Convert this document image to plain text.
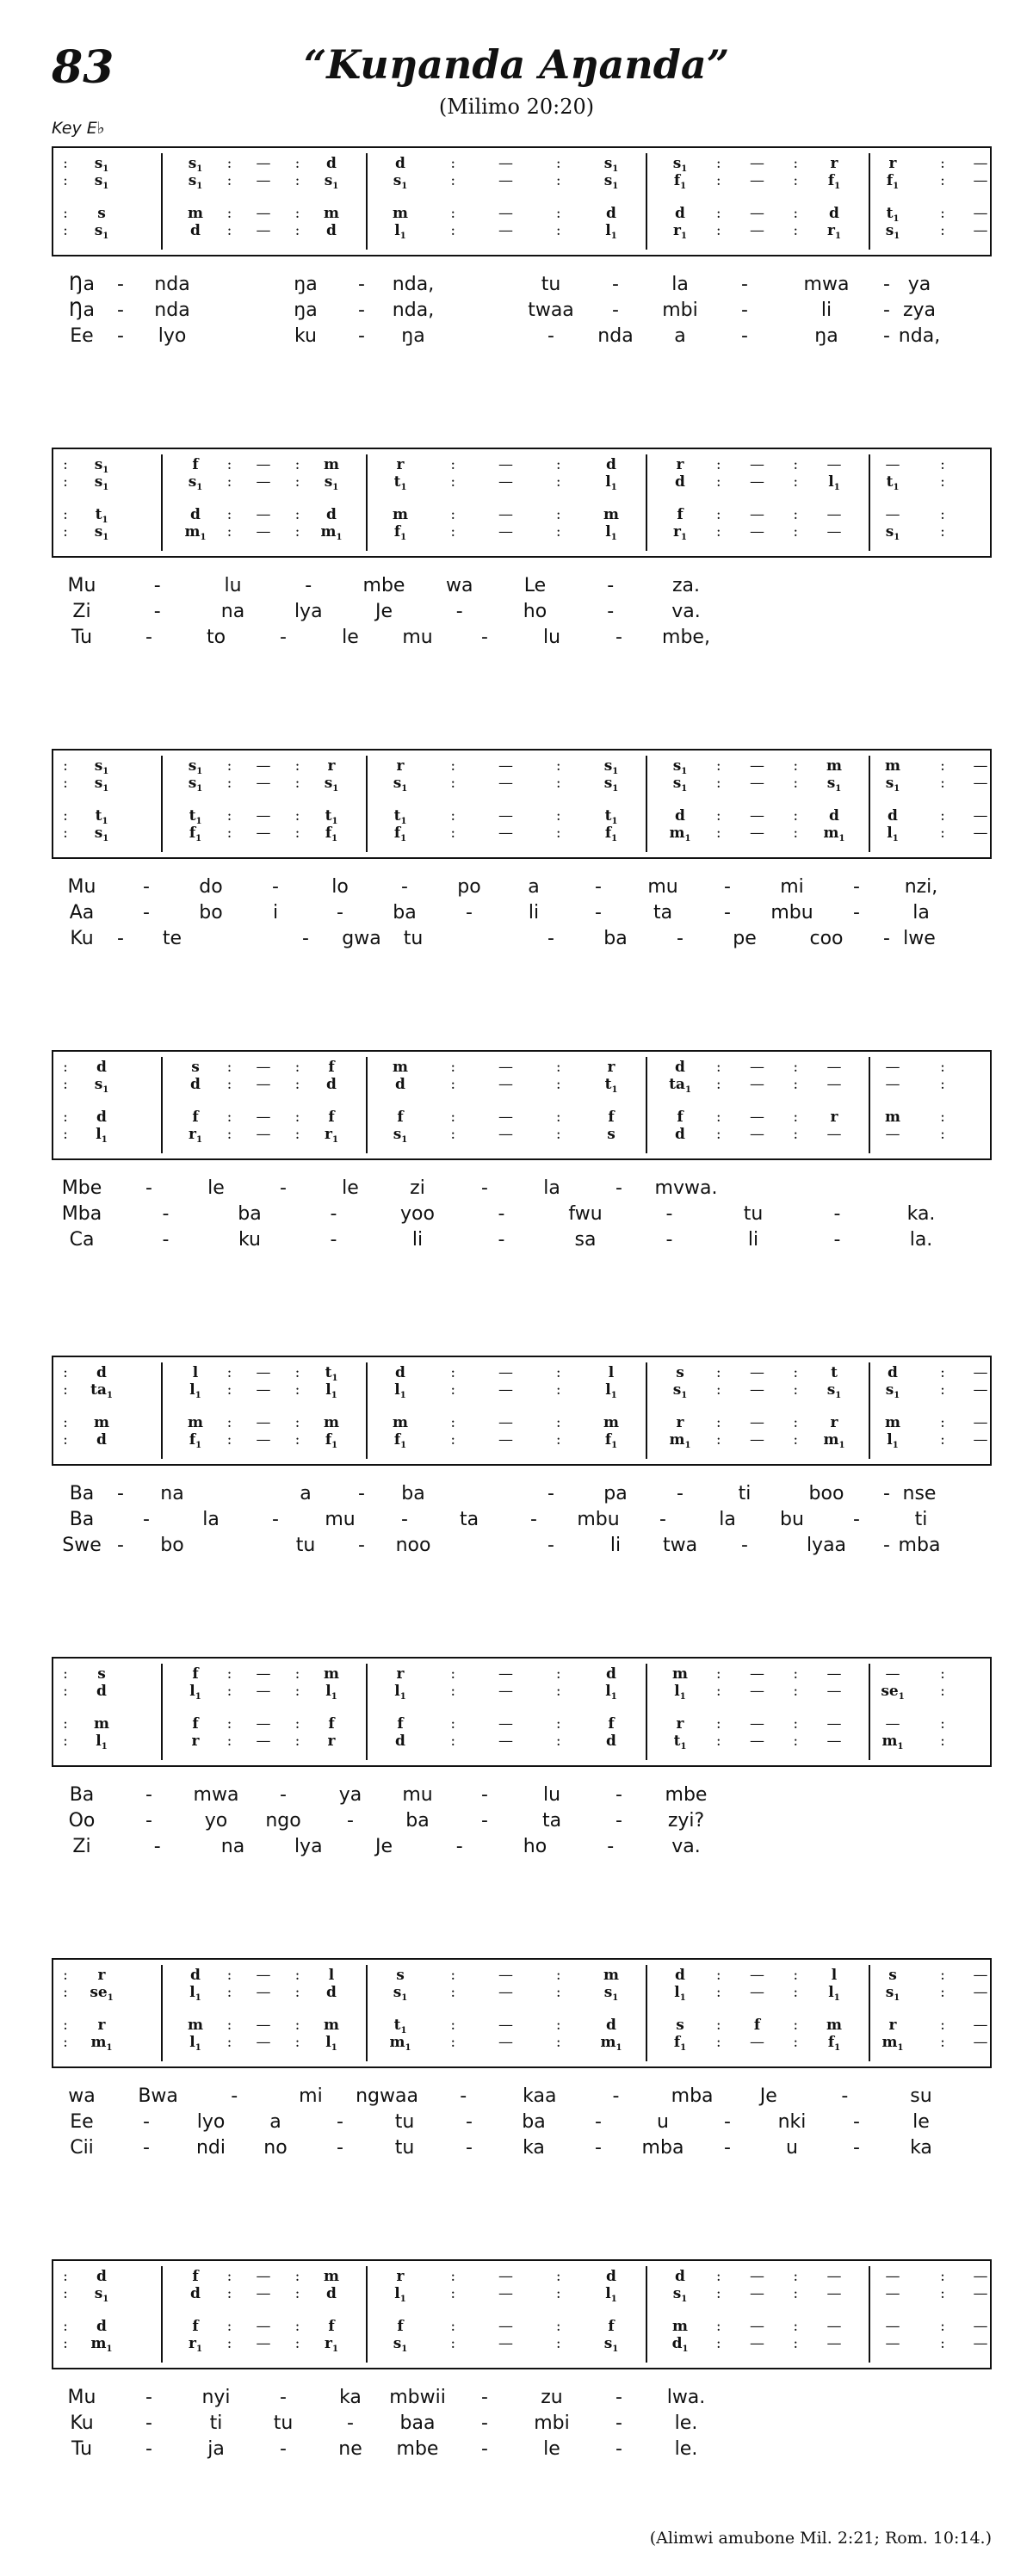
83	“Kuŋanda Aŋanda”
(Milimo 20:20)
Key E♭
: $s_1$	$s_1$ : — : d	d	:	—	:	$s_1$	$s_1$ : — : r	r	: —
: $s_1$	$s_1$ : — : $s_1$	$s_1$	:	—	:	$s_1$	$f_1$ : — : $f_1$	$f_1$	: —
: s	m : — : m	m	:	—	:	d	d : — : d	$t_1$	: —
: $s_1$	d : — : d	$l_1$	:	—	:	$l_1$	$r_1$ : — : $r_1$	$s_1$	: —
Ŋa - nda	ŋa - nda,	tu	-	la	-	mwa - ya
Ŋa - nda	ŋa - nda,	twaa - mbi -	li	- zya
Ee - lyo	ku - ŋa	- nda a	-	ŋa - nda,
: $s_1$	f : — : m	r	:	—	:	d	r : — : —	—	:
: $s_1$	$s_1$ : — : $s_1$	$t_1$	:	—	:	$l_1$	d : — : $l_1$	$t_1$	:
: $t_1$	d : — : d	m	:	—	:	m	f : — : —	—	:
: $s_1$	$m_1$ : — : $m_1$	$f_1$	:	—	:	$l_1$	$r_1$ : — : —	$s_1$	:
Mu	-	lu	-	mbe wa	Le	-	za.
Zi	-	na	lya	Je	-	ho	-	va.
Tu	-	to	-	le mu	-	lu	- mbe,
: $s_1$	$s_1$ : — : r	r	:	—	:	$s_1$	$s_1$ : — : m	m	: —
: $s_1$	$s_1$ : — : $s_1$	$s_1$	:	—	:	$s_1$	$s_1$ : — : $s_1$	$s_1$	: —
: $t_1$	$t_1$ : — : $t_1$	$t_1$	:	—	:	$t_1$	d : — : d	d	: —
: $s_1$	$f_1$ : — : $f_1$	$f_1$	:	—	:	$f_1$	$m_1$ : — : $m_1$	$l_1$	: —
Mu -	do	-	lo	-	po a	- mu -	mi	- nzi,
Aa	-	bo	i	-	ba	-	li	-	ta	- mbu -	la
Ku - te	- gwa tu	-	ba	-	pe	coo - lwe
: d	s : — : f	m	:	—	:	r	d : — : —	—	:
: $s_1$	d : — : d	d	:	—	:	$t_1$	$ta_1$ : — : —	—	:
: d	f : — : f	f	:	—	:	f	f : — : r	m	:
: $l_1$	$r_1$ : — : $r_1$	$s_1$	:	—	:	s	d : — : —	—	:
Mbe -	le	-	le	zi	-	la	- mvwa.
Mba	-	ba	-	yoo	-	fwu	-	tu	-	ka.
Ca	-	ku	-	li	-	sa	-	li	-	la.
: d	l : — : $t_1$	d	:	—	:	l	s : — : t	d	: —
: $ta_1$	$l_1$ : — : $l_1$	$l_1$	:	—	:	$l_1$	$s_1$ : — : $s_1$	$s_1$	: —
: m	m : — : m	m	:	—	:	m	r : — : r	m	: —
: d	$f_1$ : — : $f_1$	$f_1$	:	—	:	$f_1$	$m_1$ : — : $m_1$	$l_1$	: —
Ba - na	a - ba	-	pa	-	ti	boo - nse
Ba	-	la	- mu -	ta	- mbu -	la bu	-	ti
Swe - bo	tu - noo	-	li twa -	lyaa - mba
: s	f : — : m	r	:	—	:	d	m : — : —	—	:
: d	$l_1$ : — : $l_1$	$l_1$	:	—	:	$l_1$	$l_1$ : — : —	$se_1$ :
: m	f : — : f	f	:	—	:	f	r : — : —	—	:
: $l_1$	r : — : r	d	:	—	:	d	$t_1$ : — : —	$m_1$	:
Ba	- mwa -	ya mu	-	lu	- mbe
Oo	-	yo ngo -	ba	-	ta	- zyi?
Zi	-	na	lya	Je	-	ho	-	va.
: r	d : — : l	s	:	—	:	m	d : — : l	s	: —
: $se_1$	$l_1$ : — : d	$s_1$	:	—	:	$s_1$	$l_1$ : — : $l_1$	$s_1$	: —
: r	m : — : m	$t_1$	:	—	:	d	s : f : m	r	: —
: $m_1$	$l_1$ : — : $l_1$	$m_1$	:	—	:	$m_1$	$f_1$ : — : $f_1$	$m_1$	: —
wa Bwa	-	mi ngwaa -	kaa	-	mba Je	-	su
Ee	- lyo a	-	tu	-	ba	-	u	- nki -	le
Cii	- ndi no	-	tu	-	ka	- mba -	u	-	ka
: d	f : — : m	r	:	—	:	d	d : — : —	—	: —
: $s_1$	d : — : d	$l_1$	:	—	:	$l_1$	$s_1$ : — : —	—	: —
: d	f : — : f	f	:	—	:	f	m : — : —	—	: —
: $m_1$	$r_1$ : — : $r_1$	$s_1$	:	—	:	$s_1$	$d_1$ : — : —	—	: —
Mu	-	nyi	-	ka mbwii -	zu	- lwa.
Ku	-	ti	tu	- baa - mbi -	le.
Tu	-	ja	-	ne mbe -	le	-	le.
(Alimwi amubone Mil. 2:21; Rom. 10:14.)
